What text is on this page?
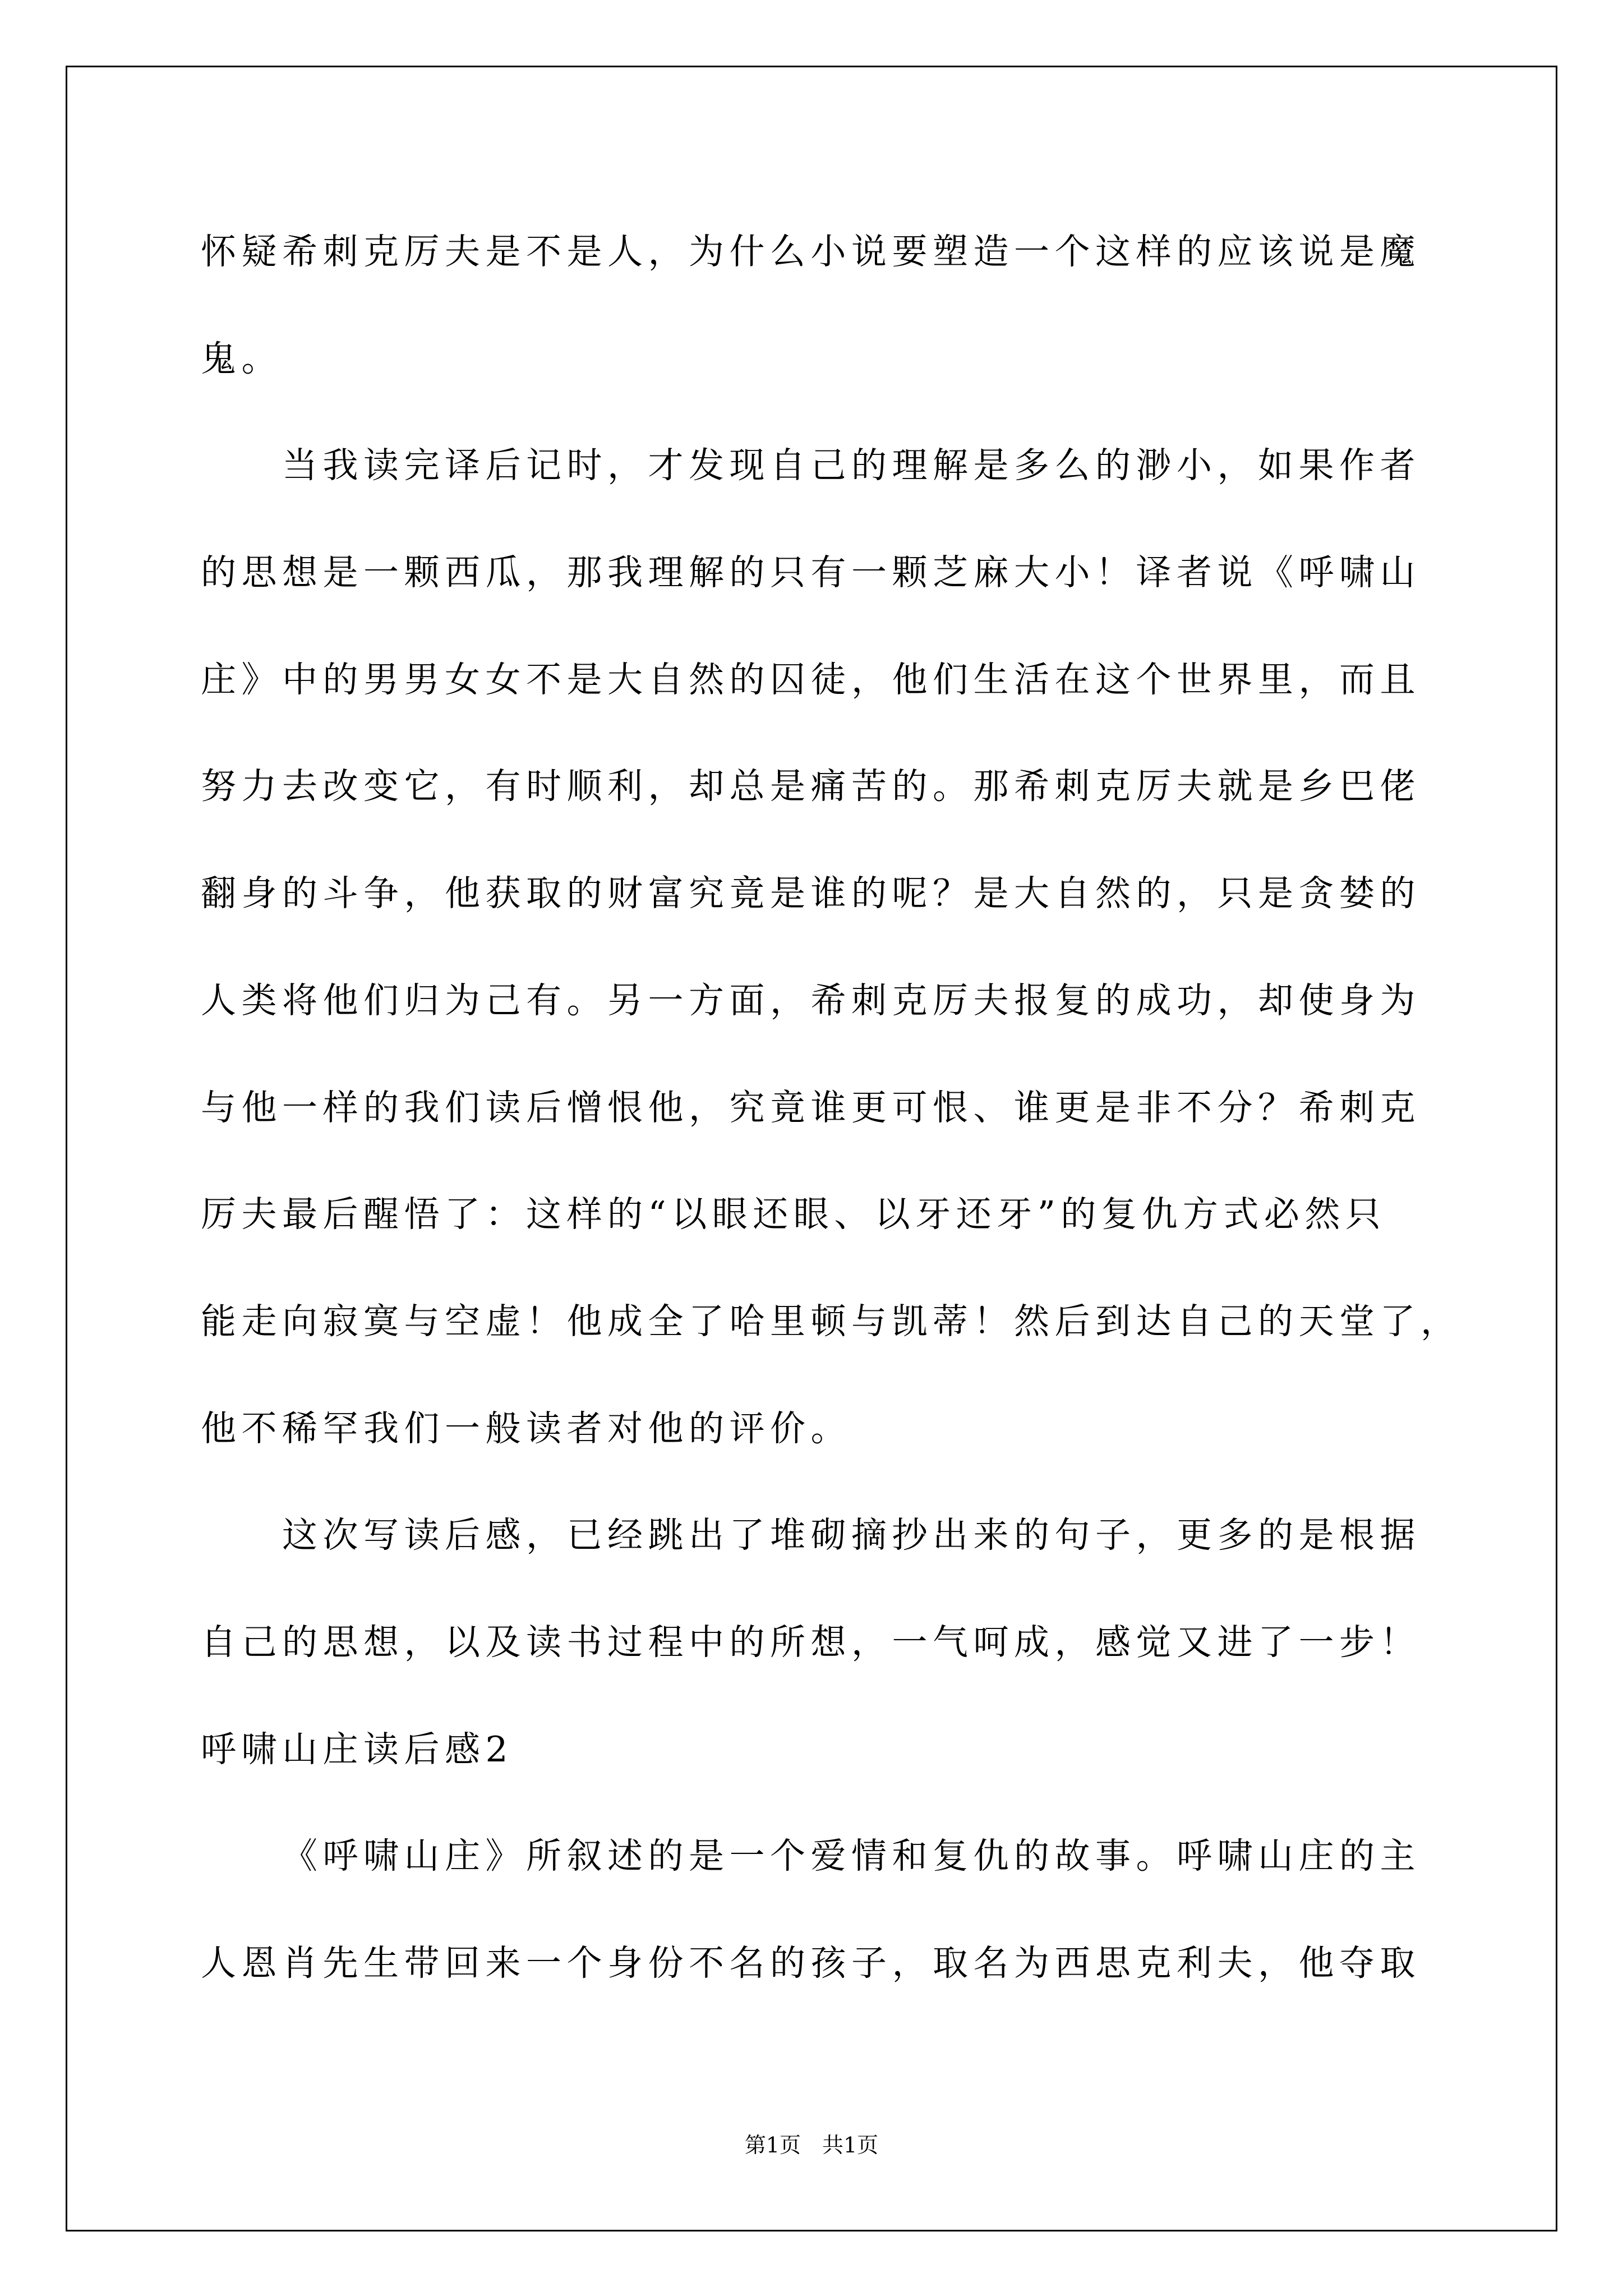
怀疑希刺克厉夫是不是人，为什么小说要塑造一个这样的应该说是魔
鬼。
当我读完译后记时，才发现自己的理解是多么的渺小，如果作者
的思想是一颗西瓜，那我理解的只有一颗芝麻大小！译者说《呼啸山
庄》中的男男女女不是大自然的囚徒，他们生活在这个世界里，而且
努力去改变它，有时顺利，却总是痛苦的。那希刺克厉夫就是乡巴佬
翻身的斗争，他获取的财富究竟是谁的呢？是大自然的，只是贪婪的
人类将他们归为己有。另一方面，希刺克厉夫报复的成功，却使身为
与他一样的我们读后憎恨他，究竟谁更可恨、谁更是非不分？希刺克
厉夫最后醒悟了：这样的“以眼还眼、以牙还牙”的复仇方式必然只
能走向寂寞与空虚！他成全了哈里顿与凯蒂！然后到达自己的天堂了，
他不稀罕我们一般读者对他的评价。
这次写读后感，已经跳出了堆砌摘抄出来的句子，更多的是根据
自己的思想，以及读书过程中的所想，一气呵成，感觉又进了一步！
呼啸山庄读后感2
《呼啸山庄》所叙述的是一个爱情和复仇的故事。呼啸山庄的主
人恩肖先生带回来一个身份不名的孩子，取名为西思克利夫，他夺取
第1页　共1页
